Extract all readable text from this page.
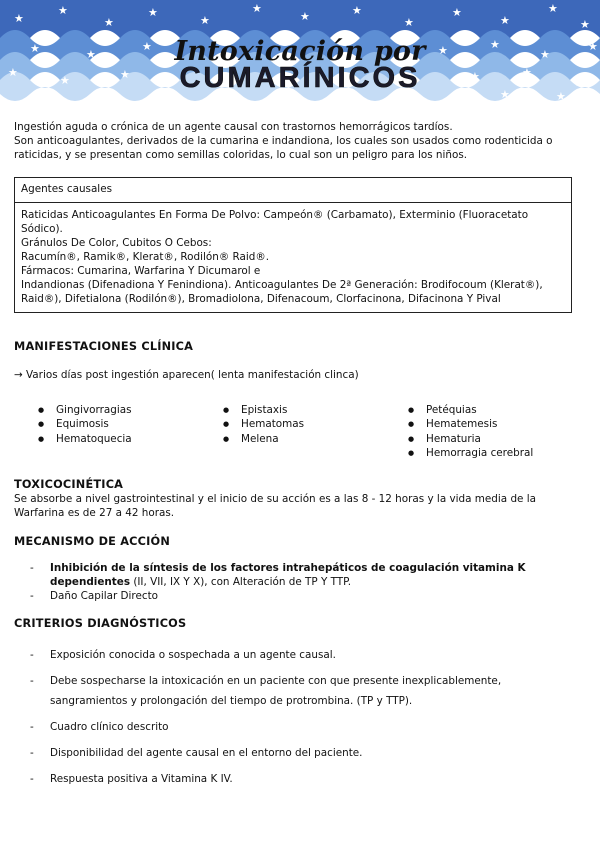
★
★
★
★
★
★
★	★
★
★
★
★
★
★	★
★	★	★
★
★
★
★	★	★	★
★
★	★	★	★
Intoxicación por
CUMARÍNICOS

Ingestión aguda o crónica de un agente causal con trastornos hemorrágicos tardíos.

Son anticoagulantes, derivados de la cumarina e indandiona, los cuales son usados como rodenticida o raticidas, y se presentan como semillas coloridas, lo cual son un peligro para los niños.

Agentes causales
Raticidas Anticoagulantes En Forma De Polvo: Campeón® (Carbamato), Exterminio (Fluoracetato Sódico).
Gránulos De Color, Cubitos O Cebos:
Racumín®, Ramik®, Klerat®, Rodilón® Raid®.
Fármacos: Cumarina, Warfarina Y Dicumarol e
Indandionas (Difenadiona Y Fenindiona). Anticoagulantes De 2ª Generación: Brodifocoum (Klerat®), Raid®), Difetialona (Rodilón®), Bromadiolona, Difenacoum, Clorfacinona, Difacinona Y Pival
MANIFESTACIONES CLÍNICA
→ Varios días post ingestión aparecen( lenta manifestación clinca)
● Gingivorragias
● Equimosis
● Hematoquecia
● Epistaxis
● Hematomas
● Melena
● Petéquias
● Hematemesis
● Hematuria
● Hemorragia cerebral
TOXICOCINÉTICA
Se absorbe a nivel gastrointestinal y el inicio de su acción es a las 8 - 12 horas y la vida media de la Warfarina es de 27 a 42 horas.
MECANISMO DE ACCIÓN
- Inhibición de la síntesis de los factores intrahepáticos de coagulación vitamina K dependientes (II, VII, IX Y X), con Alteración de TP Y TTP.
- Daño Capilar Directo
CRITERIOS DIAGNÓSTICOS
- Exposición conocida o sospechada a un agente causal.
- Debe sospecharse la intoxicación en un paciente con que presente inexplicablemente, sangramientos y prolongación del tiempo de protrombina. (TP y TTP).
- Cuadro clínico descrito
- Disponibilidad del agente causal en el entorno del paciente.
- Respuesta positiva a Vitamina K IV.
